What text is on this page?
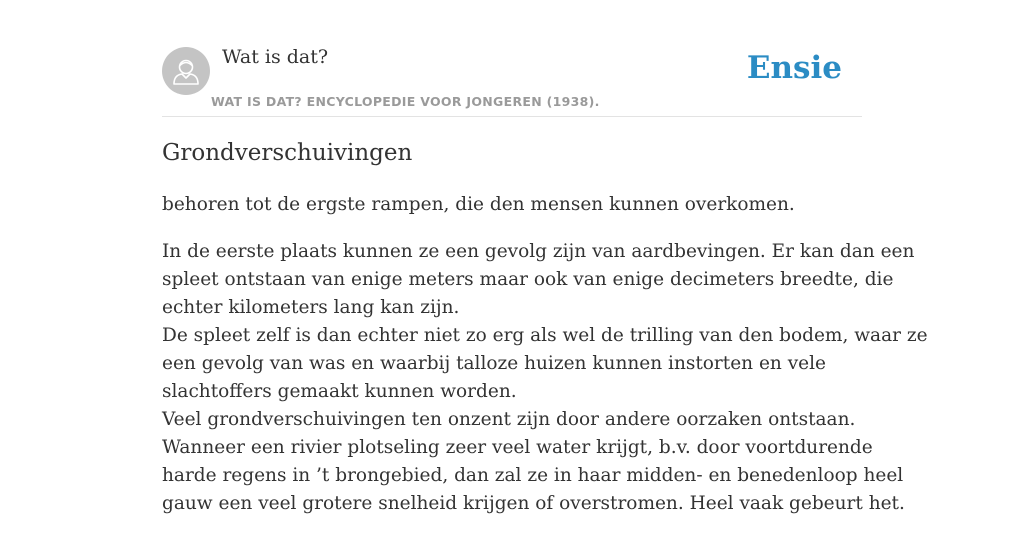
Wat is dat?
WAT IS DAT? ENCYCLOPEDIE VOOR JONGEREN (1938).
Ensie
Grondverschuivingen

behoren tot de ergste rampen, die den mensen kunnen overkomen.

In de eerste plaats kunnen ze een gevolg zijn van aardbevingen. Er kan dan een
spleet ontstaan van enige meters maar ook van enige decimeters breedte, die
echter kilometers lang kan zijn.
De spleet zelf is dan echter niet zo erg als wel de trilling van den bodem, waar ze
een gevolg van was en waarbij talloze huizen kunnen instorten en vele
slachtoffers gemaakt kunnen worden.
Veel grondverschuivingen ten onzent zijn door andere oorzaken ontstaan.
Wanneer een rivier plotseling zeer veel water krijgt, b.v. door voortdurende
harde regens in ’t brongebied, dan zal ze in haar midden- en benedenloop heel
gauw een veel grotere snelheid krijgen of overstromen. Heel vaak gebeurt het.
